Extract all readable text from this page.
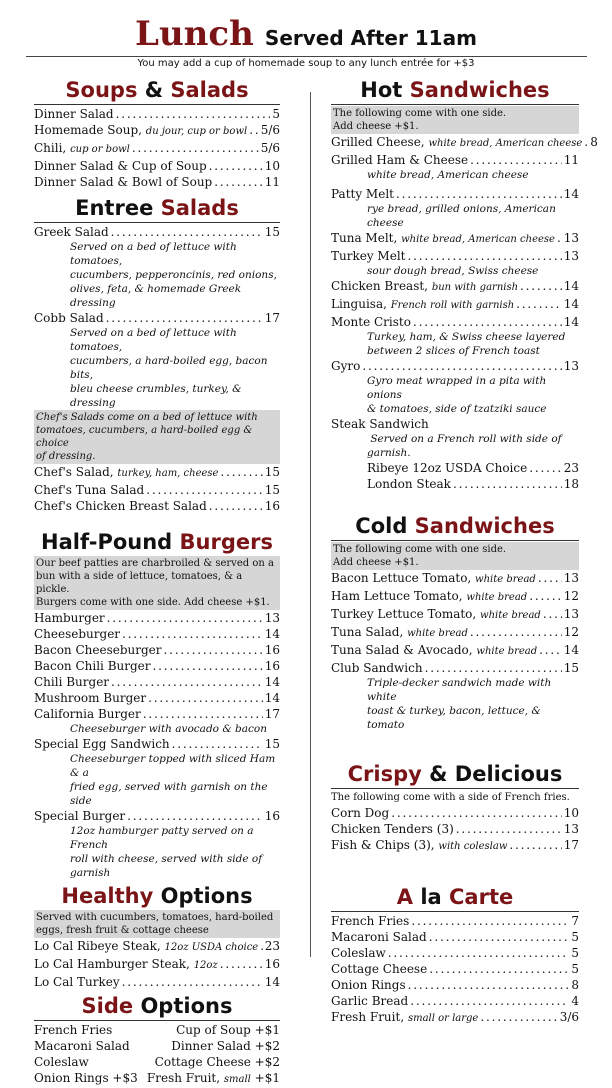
Lunch Served After 11am
You may add a cup of homemade soup to any lunch entrée for +$3
Soups & Salads
Dinner Salad . . .	5
Homemade Soup, du jour, cup or bowl . . . 5/6
Chili, cup or bowl . . .	5/6
Dinner Salad & Cup of Soup . . .	10
Dinner Salad & Bowl of Soup . . .	11
Entree Salads
Greek Salad . . .	15
Served on a bed of lettuce with tomatoes,
cucumbers, pepperoncinis, red onions,
olives, feta, & homemade Greek dressing
Cobb Salad . . .	17
Served on a bed of lettuce with tomatoes,
cucumbers, a hard-boiled egg, bacon bits,
bleu cheese crumbles, turkey, & dressing
Chef's Salads come on a bed of lettuce with
tomatoes, cucumbers, a hard-boiled egg & choice
of dressing.
Chef's Salad, turkey, ham, cheese . . .	15
Chef's Tuna Salad . . .	15
Chef's Chicken Breast Salad . . .	16
Half-Pound Burgers
Our beef patties are charbroiled & served on a
bun with a side of lettuce, tomatoes, & a pickle.
Burgers come with one side. Add cheese +$1.
Hamburger . . .	13
Cheeseburger . . .	14
Bacon Cheeseburger . . .	16
Bacon Chili Burger . . .	16
Chili Burger . . .	14
Mushroom Burger . . .	14
California Burger . . .	17
Cheeseburger with avocado & bacon
Special Egg Sandwich . . .	15
Cheeseburger topped with sliced Ham & a
fried egg, served with garnish on the side
Special Burger . . .	16
12oz hamburger patty served on a French
roll with cheese, served with side of
garnish
Healthy Options
Served with cucumbers, tomatoes, hard-boiled
eggs, fresh fruit & cottage cheese
Lo Cal Ribeye Steak, 12oz USDA choice . . . 23
Lo Cal Hamburger Steak, 12oz . . .	16
Lo Cal Turkey . . .	14
Side Options
French Fries	Cup of Soup +$1
Macaroni Salad	Dinner Salad +$2
Coleslaw	Cottage Cheese +$2
Onion Rings +$3 Fresh Fruit, small +$1
Hot Sandwiches
The following come with one side.
Add cheese +$1.
Grilled Cheese, white bread, American cheese . . . 8
Grilled Ham & Cheese . . .	11
white bread, American cheese
Patty Melt . . .	14
rye bread, grilled onions, American cheese
Tuna Melt, white bread, American cheese . . . 13
Turkey Melt . . .	13
sour dough bread, Swiss cheese
Chicken Breast, bun with garnish . . .	14
Linguisa, French roll with garnish . . .	14
Monte Cristo . . .	14
Turkey, ham, & Swiss cheese layered
between 2 slices of French toast
Gyro . . .	13
Gyro meat wrapped in a pita with onions
& tomatoes, side of tzatziki sauce
Steak Sandwich
Served on a French roll with side of
garnish.
Ribeye 12oz USDA Choice . . .	23
London Steak . . .	18
Cold Sandwiches
The following come with one side.
Add cheese +$1.
Bacon Lettuce Tomato, white bread . . . 13
Ham Lettuce Tomato, white bread . . .	12
Turkey Lettuce Tomato, white bread . . . 13
Tuna Salad, white bread . . .	12
Tuna Salad & Avocado, white bread . . . 14
Club Sandwich . . .	15
Triple-decker sandwich made with white
toast & turkey, bacon, lettuce, & tomato
Crispy & Delicious
The following come with a side of French fries.
Corn Dog . . .	10
Chicken Tenders (3) . . .	13
Fish & Chips (3), with coleslaw . . .	17
A la Carte
French Fries . . .	7
Macaroni Salad . . .	5
Coleslaw . . .	5
Cottage Cheese . . .	5
Onion Rings . . .	8
Garlic Bread . . .	4
Fresh Fruit, small or large . . .	3/6
